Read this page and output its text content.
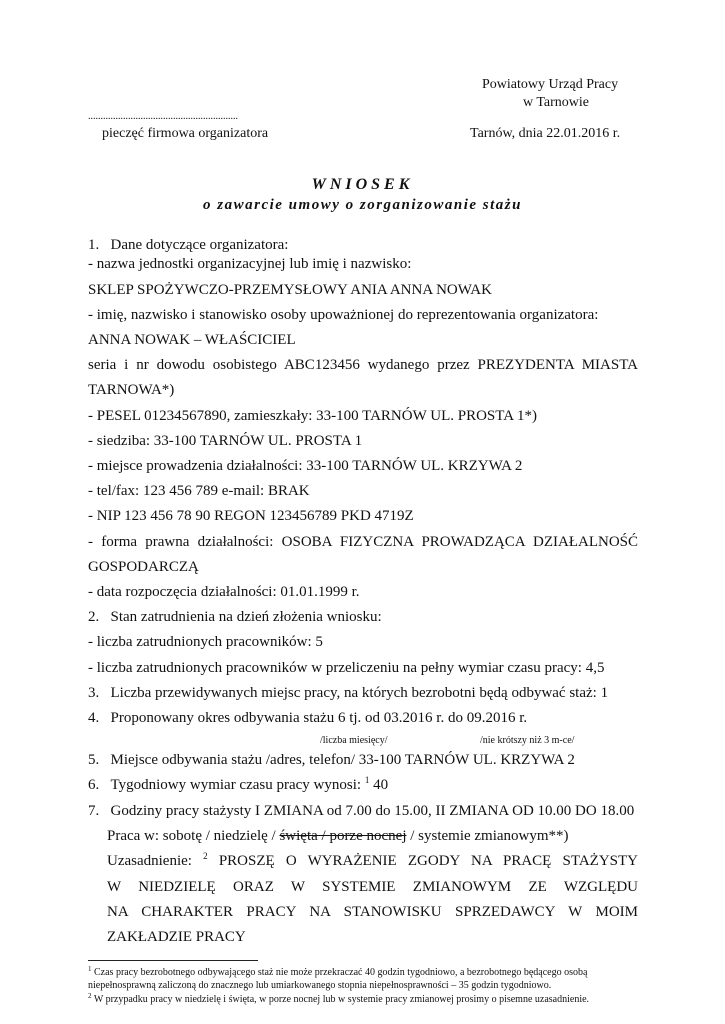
Powiatowy Urząd Pracy
w Tarnowie
............................................................
pieczęć firmowa organizatora	Tarnów, dnia 22.01.2016 r.
WNIOSEK
o zawarcie umowy o zorganizowanie stażu
1.   Dane dotyczące organizatora:
- nazwa jednostki organizacyjnej lub imię i nazwisko:
SKLEP SPOŻYWCZO-PRZEMYSŁOWY ANIA ANNA NOWAK
- imię, nazwisko i stanowisko osoby upoważnionej do reprezentowania organizatora:
ANNA NOWAK – WŁAŚCICIEL
seria i nr dowodu osobistego ABC123456 wydanego przez PREZYDENTA MIASTA
TARNOWA*)
- PESEL 01234567890, zamieszkały: 33-100 TARNÓW UL. PROSTA 1*)
- siedziba: 33-100 TARNÓW UL. PROSTA 1
- miejsce prowadzenia działalności: 33-100 TARNÓW UL. KRZYWA 2
- tel/fax: 123 456 789 e-mail: BRAK
- NIP 123 456 78 90 REGON 123456789 PKD 4719Z
- forma prawna działalności: OSOBA FIZYCZNA PROWADZĄCA DZIAŁALNOŚĆ
GOSPODARCZĄ
- data rozpoczęcia działalności: 01.01.1999 r.
2.   Stan zatrudnienia na dzień złożenia wniosku:
- liczba zatrudnionych pracowników: 5
- liczba zatrudnionych pracowników w przeliczeniu na pełny wymiar czasu pracy: 4,5
3.   Liczba przewidywanych miejsc pracy, na których bezrobotni będą odbywać staż: 1
4.   Proponowany okres odbywania stażu 6 tj. od 03.2016 r. do 09.2016 r.
/liczba miesięcy/	/nie krótszy niż 3 m-ce/
5.   Miejsce odbywania stażu /adres, telefon/ 33-100 TARNÓW UL. KRZYWA 2
6.   Tygodniowy wymiar czasu pracy wynosi: $^1$ 40
7.   Godziny pracy stażysty I ZMIANA od 7.00 do 15.00, II ZMIANA OD 10.00 DO 18.00
Praca w: sobotę / niedzielę / święta / porze nocnej / systemie zmianowym**)
Uzasadnienie: $^2$ PROSZĘ O WYRAŻENIE ZGODY NA PRACĘ STAŻYSTY
W NIEDZIELĘ ORAZ W SYSTEMIE ZMIANOWYM ZE WZGLĘDU
NA CHARAKTER PRACY NA STANOWISKU SPRZEDAWCY W MOIM
ZAKŁADZIE PRACY
$^1$ Czas pracy bezrobotnego odbywającego staż nie może przekraczać 40 godzin tygodniowo, a bezrobotnego będącego osobą
niepełnosprawną zaliczoną do znacznego lub umiarkowanego stopnia niepełnosprawności – 35 godzin tygodniowo.
$^2$ W przypadku pracy w niedzielę i święta, w porze nocnej lub w systemie pracy zmianowej prosimy o pisemne uzasadnienie.
